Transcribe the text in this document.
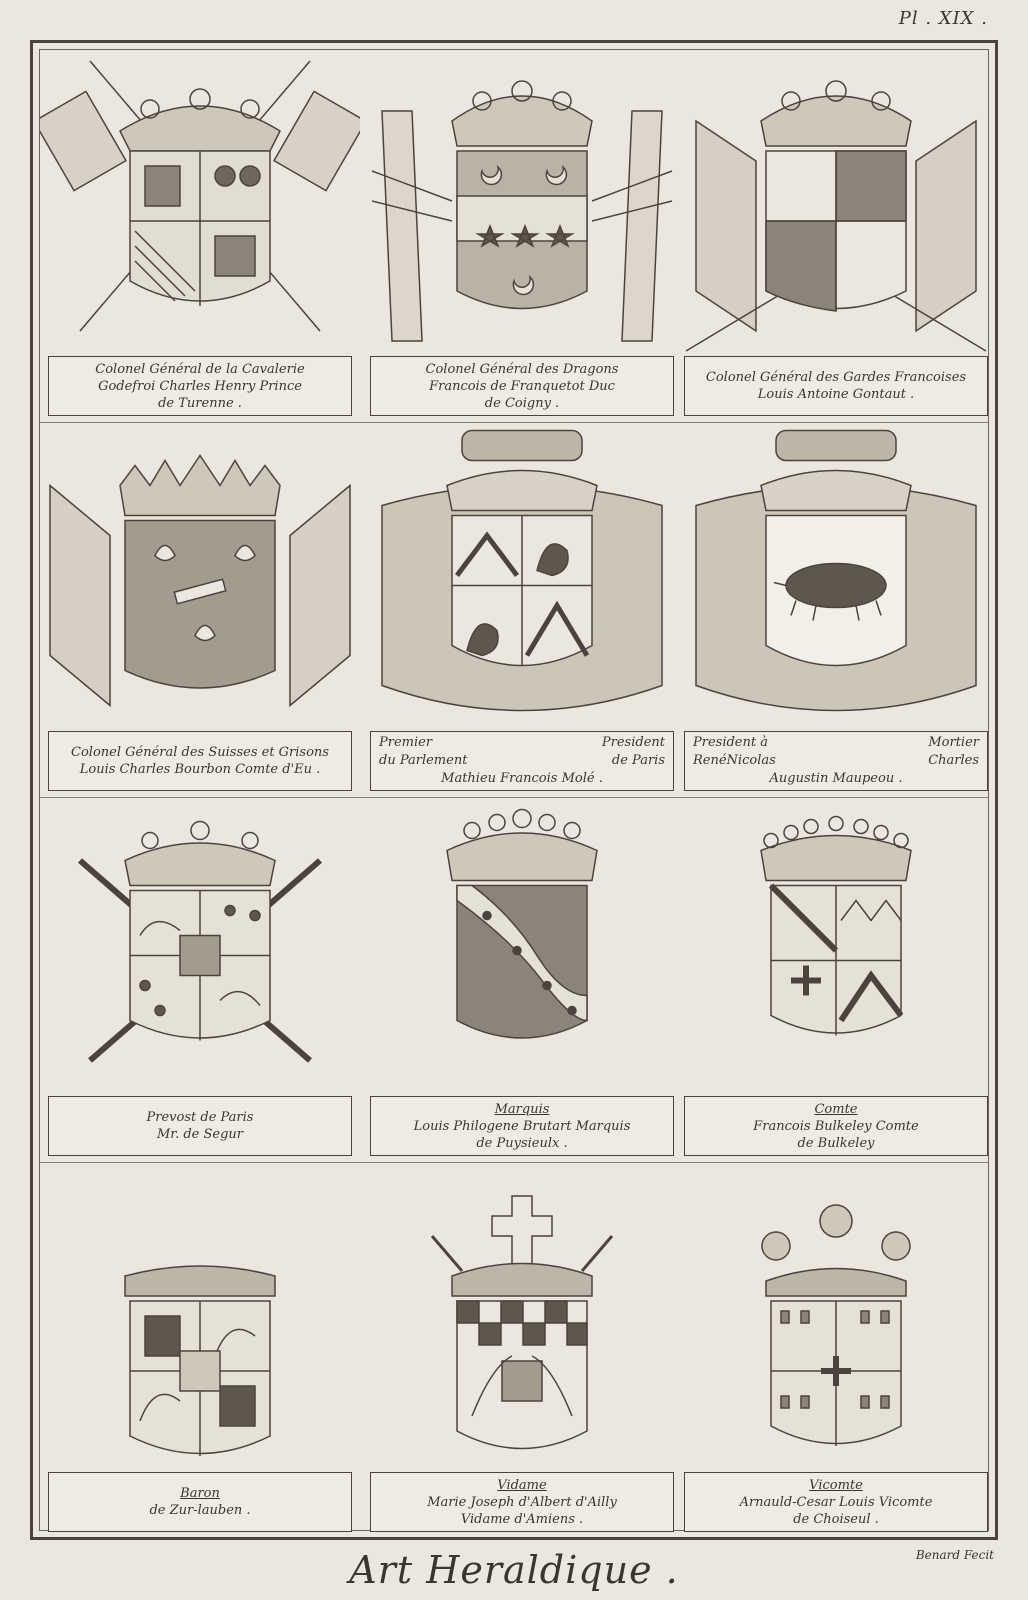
Pl . XIX .
Colonel Général de la Cavalerie
Godefroi Charles Henry Prince
de Turenne .
Colonel Général des Dragons
Francois de Franquetot Duc
de Coigny .
Colonel Général des Gardes Francoises
Louis Antoine Gontaut .
Colonel Général des Suisses et Grisons
Louis Charles Bourbon Comte d'Eu .
Premier	President
du Parlement	de Paris
Mathieu Francois Molé .
President à	Mortier
RenéNicolas	Charles
Augustin Maupeou .
Prevost de Paris
Mr. de Segur
Marquis
Louis Philogene Brutart Marquis
de Puysieulx .
Comte
Francois Bulkeley Comte
de Bulkeley
Baron
de Zur-lauben .
Vidame
Marie Joseph d'Albert d'Ailly
Vidame d'Amiens .
Vicomte
Arnauld-Cesar Louis Vicomte
de Choiseul .
Art Heraldique .	Benard Fecit
